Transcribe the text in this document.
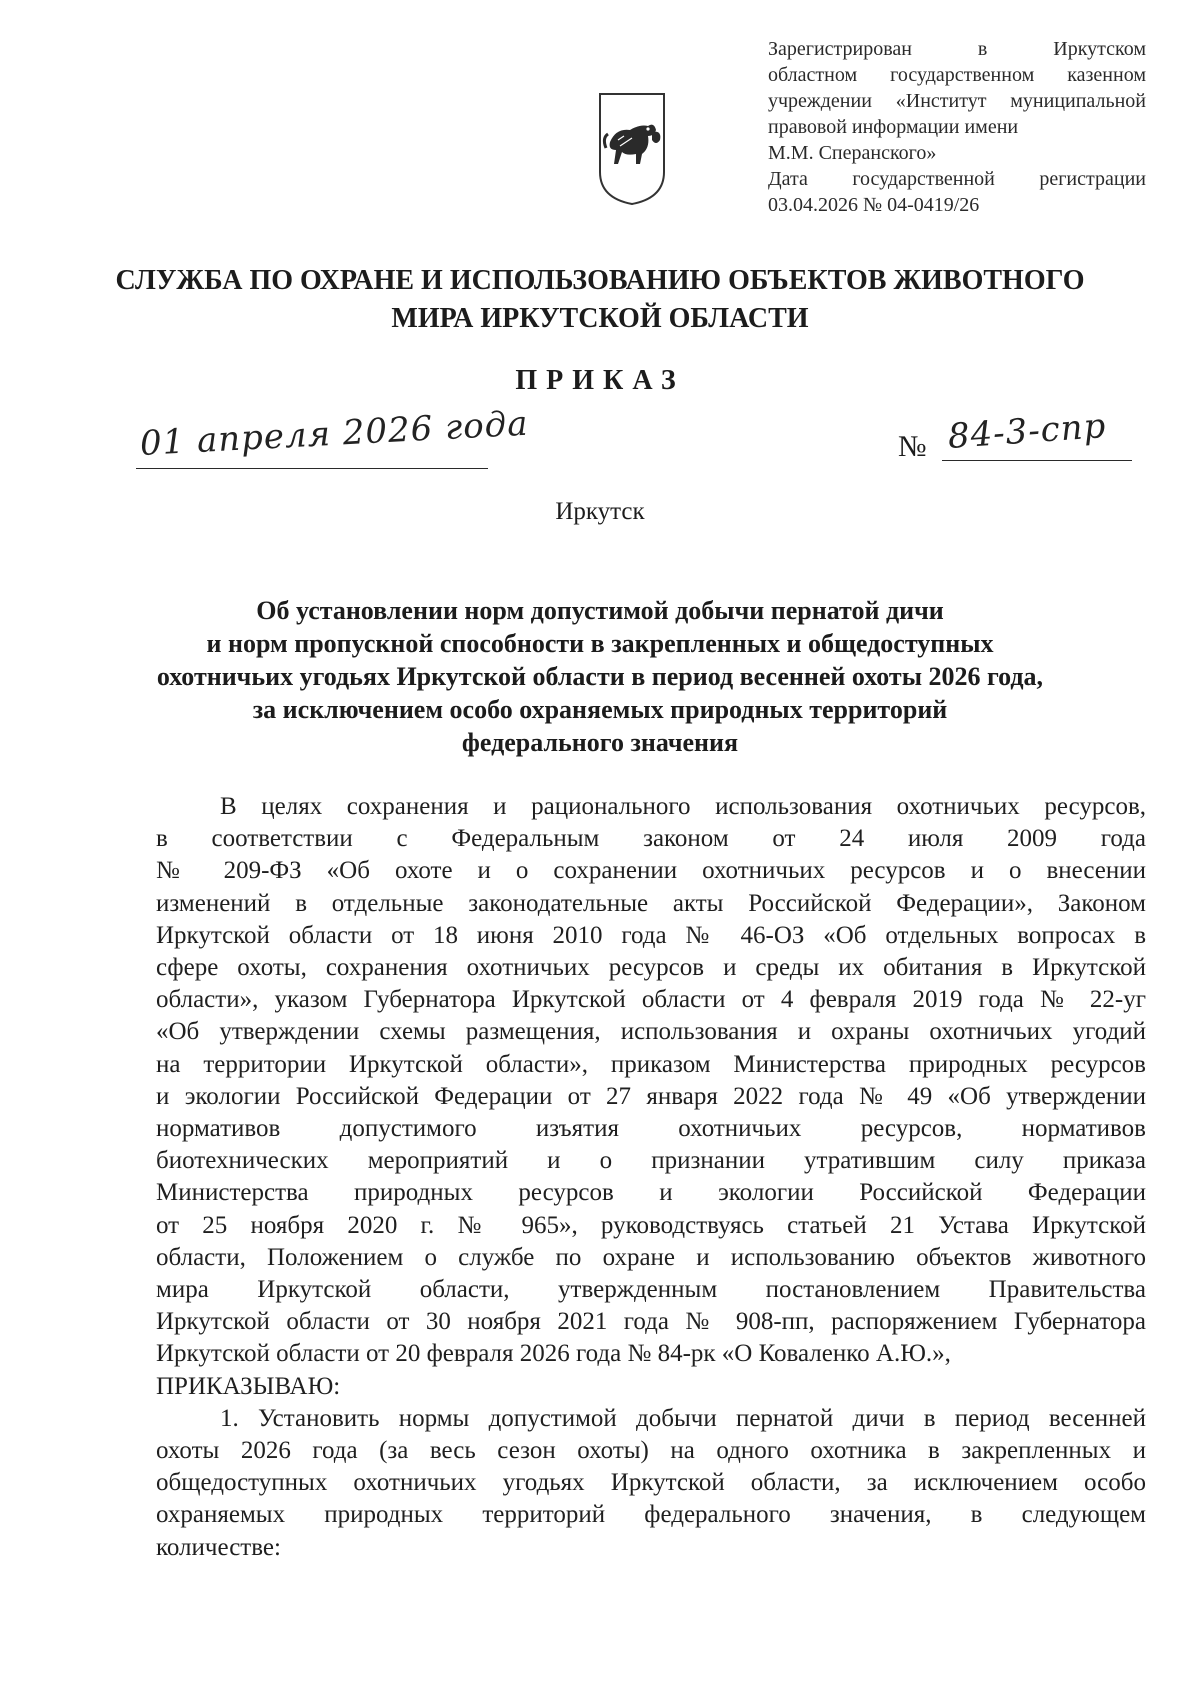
Зарегистрирован в Иркутском
областном государственном казенном
учреждении «Институт муниципальной
правовой информации имени
М.М. Сперанского»
Дата государственной регистрации
03.04.2026 № 04-0419/26
СЛУЖБА ПО ОХРАНЕ И ИСПОЛЬЗОВАНИЮ ОБЪЕКТОВ ЖИВОТНОГО
МИРА ИРКУТСКОЙ ОБЛАСТИ
ПРИКАЗ
01 апреля 2026 года	№ 84-3-спр
Иркутск
Об установлении норм допустимой добычи пернатой дичи
и норм пропускной способности в закрепленных и общедоступных
охотничьих угодьях Иркутской области в период весенней охоты 2026 года,
за исключением особо охраняемых природных территорий
федерального значения
В целях сохранения и рационального использования охотничьих ресурсов,
в соответствии с Федеральным законом от 24 июля 2009 года
№ 209-ФЗ «Об охоте и о сохранении охотничьих ресурсов и о внесении
изменений в отдельные законодательные акты Российской Федерации», Законом
Иркутской области от 18 июня 2010 года № 46-ОЗ «Об отдельных вопросах в
сфере охоты, сохранения охотничьих ресурсов и среды их обитания в Иркутской
области», указом Губернатора Иркутской области от 4 февраля 2019 года № 22-уг
«Об утверждении схемы размещения, использования и охраны охотничьих угодий
на территории Иркутской области», приказом Министерства природных ресурсов
и экологии Российской Федерации от 27 января 2022 года № 49 «Об утверждении
нормативов допустимого изъятия охотничьих ресурсов, нормативов
биотехнических мероприятий и о признании утратившим силу приказа
Министерства природных ресурсов и экологии Российской Федерации
от 25 ноября 2020 г. № 965», руководствуясь статьей 21 Устава Иркутской
области, Положением о службе по охране и использованию объектов животного
мира Иркутской области, утвержденным постановлением Правительства
Иркутской области от 30 ноября 2021 года № 908-пп, распоряжением Губернатора
Иркутской области от 20 февраля 2026 года № 84-рк «О Коваленко А.Ю.»,
ПРИКАЗЫВАЮ:
1. Установить нормы допустимой добычи пернатой дичи в период весенней
охоты 2026 года (за весь сезон охоты) на одного охотника в закрепленных и
общедоступных охотничьих угодьях Иркутской области, за исключением особо
охраняемых природных территорий федерального значения, в следующем
количестве:
